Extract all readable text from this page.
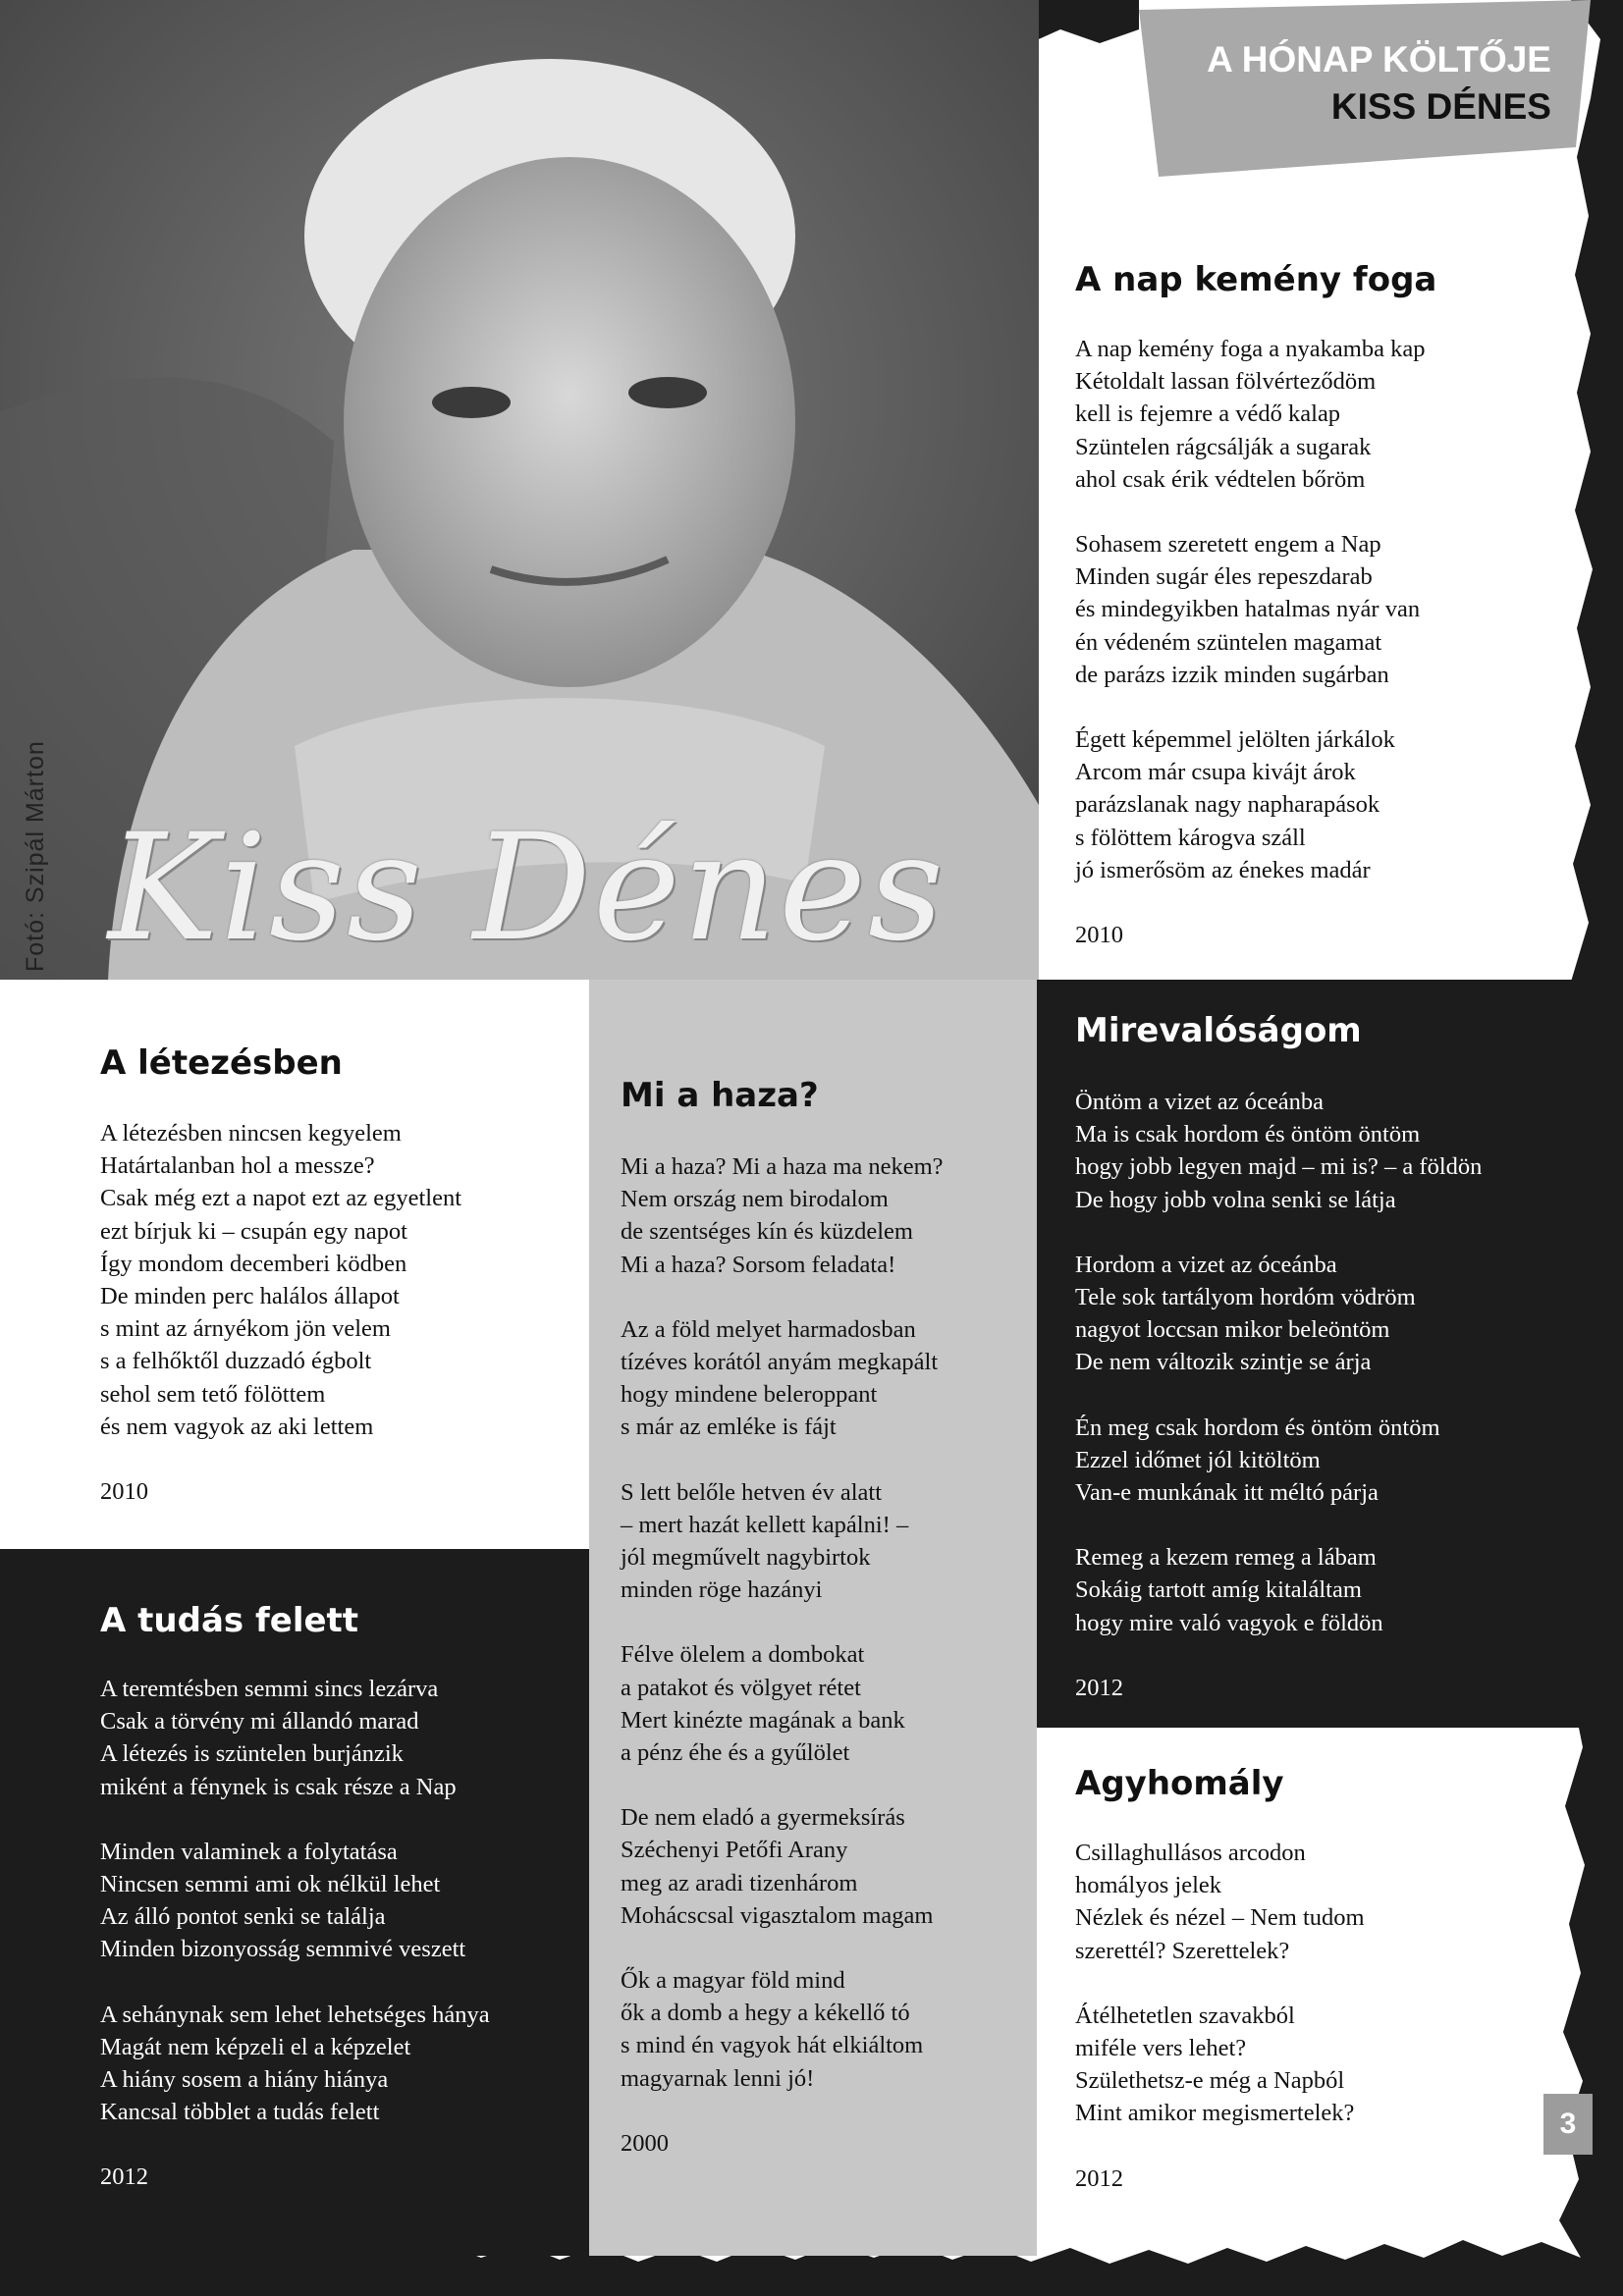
Fotó: Szipál Márton Kiss Dénes
A HÓNAP KÖLTŐJE
KISS DÉNES
A nap kemény foga
A nap kemény foga a nyakamba kap
Kétoldalt lassan fölvérteződöm
kell is fejemre a védő kalap
Szüntelen rágcsálják a sugarak
ahol csak érik védtelen bőröm
Sohasem szeretett engem a Nap
Minden sugár éles repeszdarab
és mindegyikben hatalmas nyár van
én védeném szüntelen magamat
de parázs izzik minden sugárban
Égett képemmel jelölten járkálok
Arcom már csupa kivájt árok
parázslanak nagy napharapások
s fölöttem károgva száll
jó ismerősöm az énekes madár
2010
A létezésben
A létezésben nincsen kegyelem
Határtalanban hol a messze?
Csak még ezt a napot ezt az egyetlent
ezt bírjuk ki – csupán egy napot
Így mondom decemberi ködben
De minden perc halálos állapot
s mint az árnyékom jön velem
s a felhőktől duzzadó égbolt
sehol sem tető fölöttem
és nem vagyok az aki lettem
2010
A tudás felett
A teremtésben semmi sincs lezárva
Csak a törvény mi állandó marad
A létezés is szüntelen burjánzik
miként a fénynek is csak része a Nap
Minden valaminek a folytatása
Nincsen semmi ami ok nélkül lehet
Az álló pontot senki se találja
Minden bizonyosság semmivé veszett
A sehánynak sem lehet lehetséges hánya
Magát nem képzeli el a képzelet
A hiány sosem a hiány hiánya
Kancsal többlet a tudás felett
2012
Mi a haza?
Mi a haza? Mi a haza ma nekem?
Nem ország nem birodalom
de szentséges kín és küzdelem
Mi a haza? Sorsom feladata!
Az a föld melyet harmadosban
tízéves korától anyám megkapált
hogy mindene beleroppant
s már az emléke is fájt
S lett belőle hetven év alatt
– mert hazát kellett kapálni! –
jól megművelt nagybirtok
minden röge hazányi
Félve ölelem a dombokat
a patakot és völgyet rétet
Mert kinézte magának a bank
a pénz éhe és a gyűlölet
De nem eladó a gyermeksírás
Széchenyi Petőfi Arany
meg az aradi tizenhárom
Mohácscsal vigasztalom magam
Ők a magyar föld mind
ők a domb a hegy a kékellő tó
s mind én vagyok hát elkiáltom
magyarnak lenni jó!
2000
Mirevalóságom
Öntöm a vizet az óceánba
Ma is csak hordom és öntöm öntöm
hogy jobb legyen majd – mi is? – a földön
De hogy jobb volna senki se látja
Hordom a vizet az óceánba
Tele sok tartályom hordóm vödröm
nagyot loccsan mikor beleöntöm
De nem változik szintje se árja
Én meg csak hordom és öntöm öntöm
Ezzel időmet jól kitöltöm
Van-e munkának itt méltó párja
Remeg a kezem remeg a lábam
Sokáig tartott amíg kitaláltam
hogy mire való vagyok e földön
2012
Agyhomály
Csillaghullásos arcodon
homályos jelek
Nézlek és nézel – Nem tudom
szerettél? Szerettelek?
Átélhetetlen szavakból
miféle vers lehet?
Születhetsz-e még a Napból
Mint amikor megismertelek?
2012
3
